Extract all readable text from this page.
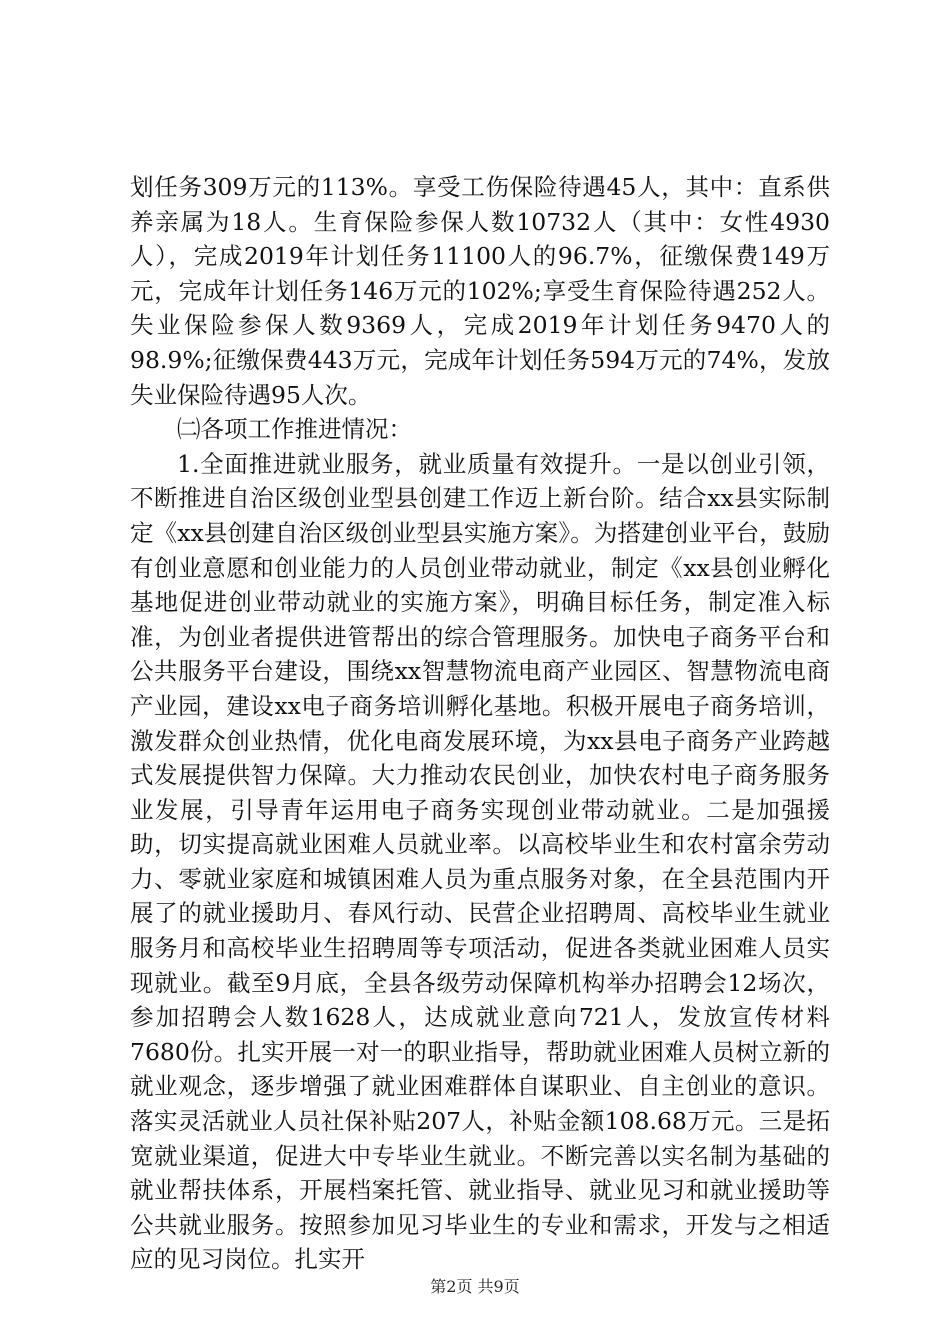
划任务309万元的113%。享受工伤保险待遇45人，其中：直系供养亲属为18人。生育保险参保人数10732人（其中：女性4930人），完成2019年计划任务11100人的96.7%，征缴保费149万元，完成年计划任务146万元的102%;享受生育保险待遇252人。失业保险参保人数9369人，完成2019年计划任务9470人的98.9%;征缴保费443万元，完成年计划任务594万元的74%，发放失业保险待遇95人次。

㈡各项工作推进情况：

1.全面推进就业服务，就业质量有效提升。一是以创业引领，不断推进自治区级创业型县创建工作迈上新台阶。结合xx县实际制定《xx县创建自治区级创业型县实施方案》。为搭建创业平台，鼓励有创业意愿和创业能力的人员创业带动就业，制定《xx县创业孵化基地促进创业带动就业的实施方案》，明确目标任务，制定准入标准，为创业者提供进管帮出的综合管理服务。加快电子商务平台和公共服务平台建设，围绕xx智慧物流电商产业园区、智慧物流电商产业园，建设xx电子商务培训孵化基地。积极开展电子商务培训，激发群众创业热情，优化电商发展环境，为xx县电子商务产业跨越式发展提供智力保障。大力推动农民创业，加快农村电子商务服务业发展，引导青年运用电子商务实现创业带动就业。二是加强援助，切实提高就业困难人员就业率。以高校毕业生和农村富余劳动力、零就业家庭和城镇困难人员为重点服务对象，在全县范围内开展了的就业援助月、春风行动、民营企业招聘周、高校毕业生就业服务月和高校毕业生招聘周等专项活动，促进各类就业困难人员实现就业。截至9月底，全县各级劳动保障机构举办招聘会12场次，参加招聘会人数1628人，达成就业意向721人，发放宣传材料7680份。扎实开展一对一的职业指导，帮助就业困难人员树立新的就业观念，逐步增强了就业困难群体自谋职业、自主创业的意识。落实灵活就业人员社保补贴207人，补贴金额108.68万元。三是拓宽就业渠道，促进大中专毕业生就业。不断完善以实名制为基础的就业帮扶体系，开展档案托管、就业指导、就业见习和就业援助等公共就业服务。按照参加见习毕业生的专业和需求，开发与之相适应的见习岗位。扎实开

第2页 共9页
